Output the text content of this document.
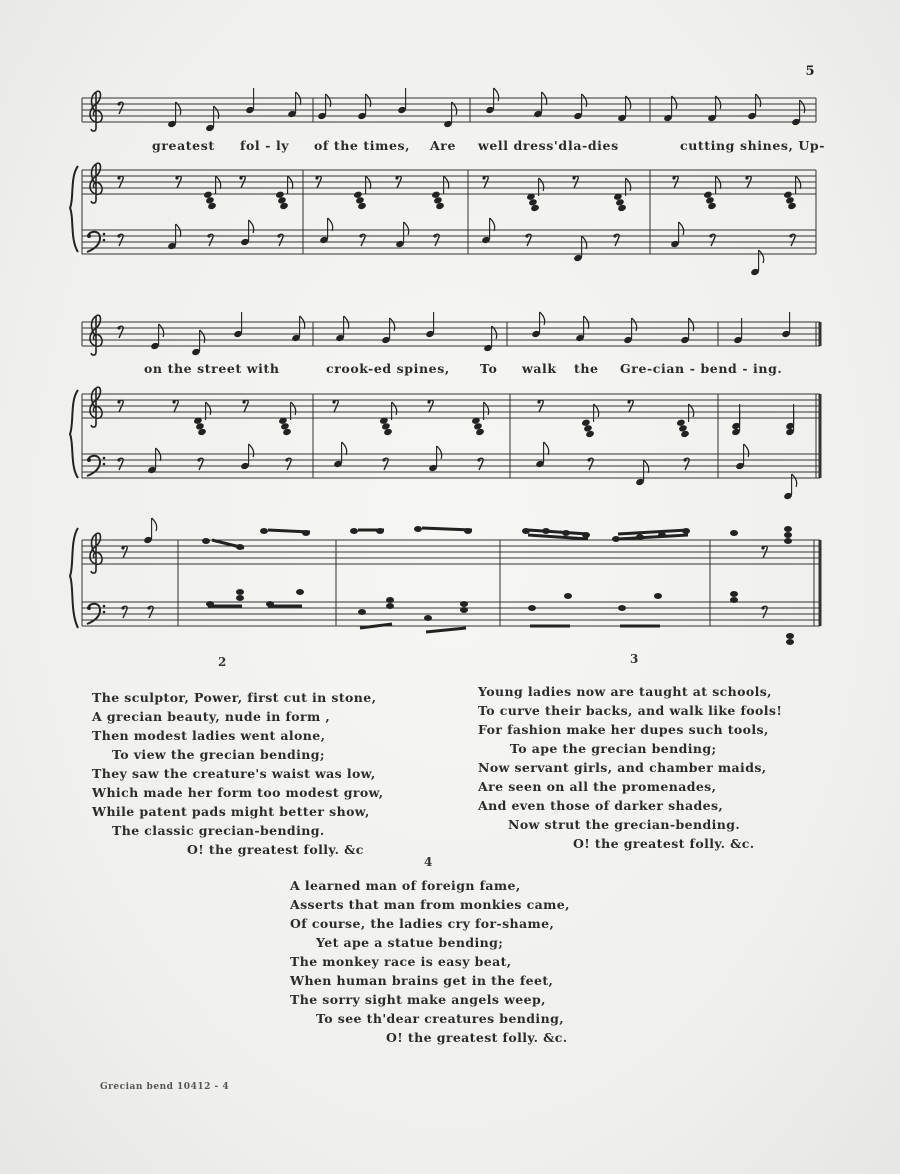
5
greatest fol - ly of the times, Are well dress'd la-dies	cutting shines, Up-
on the street with	crook-ed spines, To walk the Gre-cian - bend - ing.
2	3
4
The sculptor, Power, first cut in stone,
A grecian beauty, nude in form ,
Then modest ladies went alone,
To view the grecian bending;
They saw the creature's waist was low,
Which made her form too modest grow,
While patent pads might better show,
The classic grecian-bending.
O! the greatest folly. &c
Young ladies now are taught at schools,
To curve their backs, and walk like fools!
For fashion make her dupes such tools,
To ape the grecian bending;
Now servant girls, and chamber maids,
Are seen on all the promenades,
And even those of darker shades,
Now strut the grecian-bending.
O! the greatest folly. &c.
A learned man of foreign fame,
Asserts that man from monkies came,
Of course, the ladies cry for-shame,
Yet ape a statue bending;
The monkey race is easy beat,
When human brains get in the feet,
The sorry sight make angels weep,
To see th'dear creatures bending,
O! the greatest folly. &c.
Grecian bend 10412 - 4
